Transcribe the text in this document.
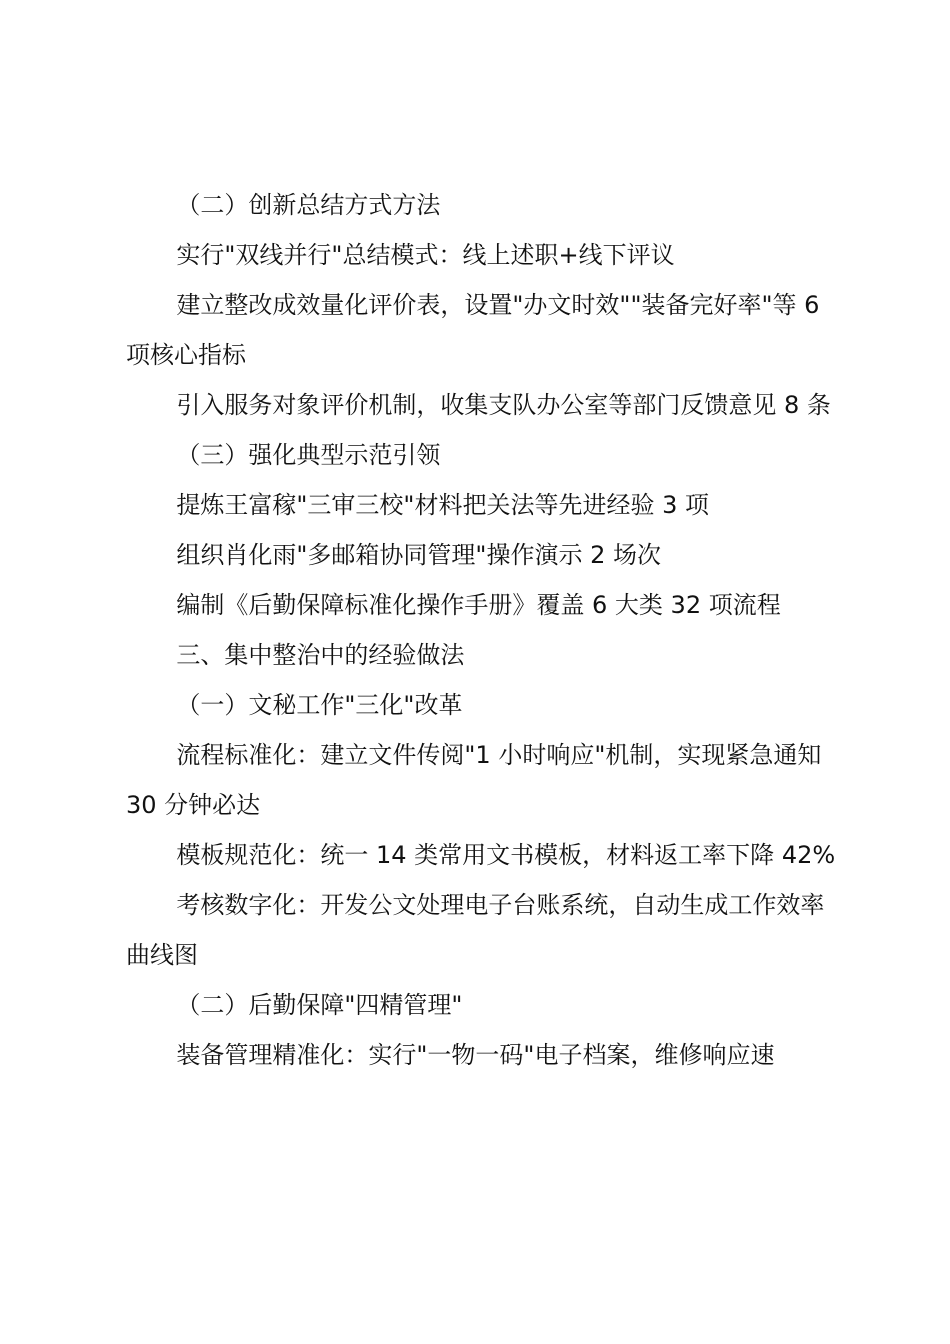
（二）创新总结方式方法

实行"双线并行"总结模式：线上述职+线下评议

建立整改成效量化评价表，设置"办文时效""装备完好率"等 6 项核心指标

引入服务对象评价机制，收集支队办公室等部门反馈意见 8 条

（三）强化典型示范引领

提炼王富稼"三审三校"材料把关法等先进经验 3 项

组织肖化雨"多邮箱协同管理"操作演示 2 场次

编制《后勤保障标准化操作手册》覆盖 6 大类 32 项流程

三、集中整治中的经验做法

（一）文秘工作"三化"改革

流程标准化：建立文件传阅"1 小时响应"机制，实现紧急通知 30 分钟必达

模板规范化：统一 14 类常用文书模板，材料返工率下降 42%

考核数字化：开发公文处理电子台账系统，自动生成工作效率曲线图

（二）后勤保障"四精管理"

装备管理精准化：实行"一物一码"电子档案，维修响应速
